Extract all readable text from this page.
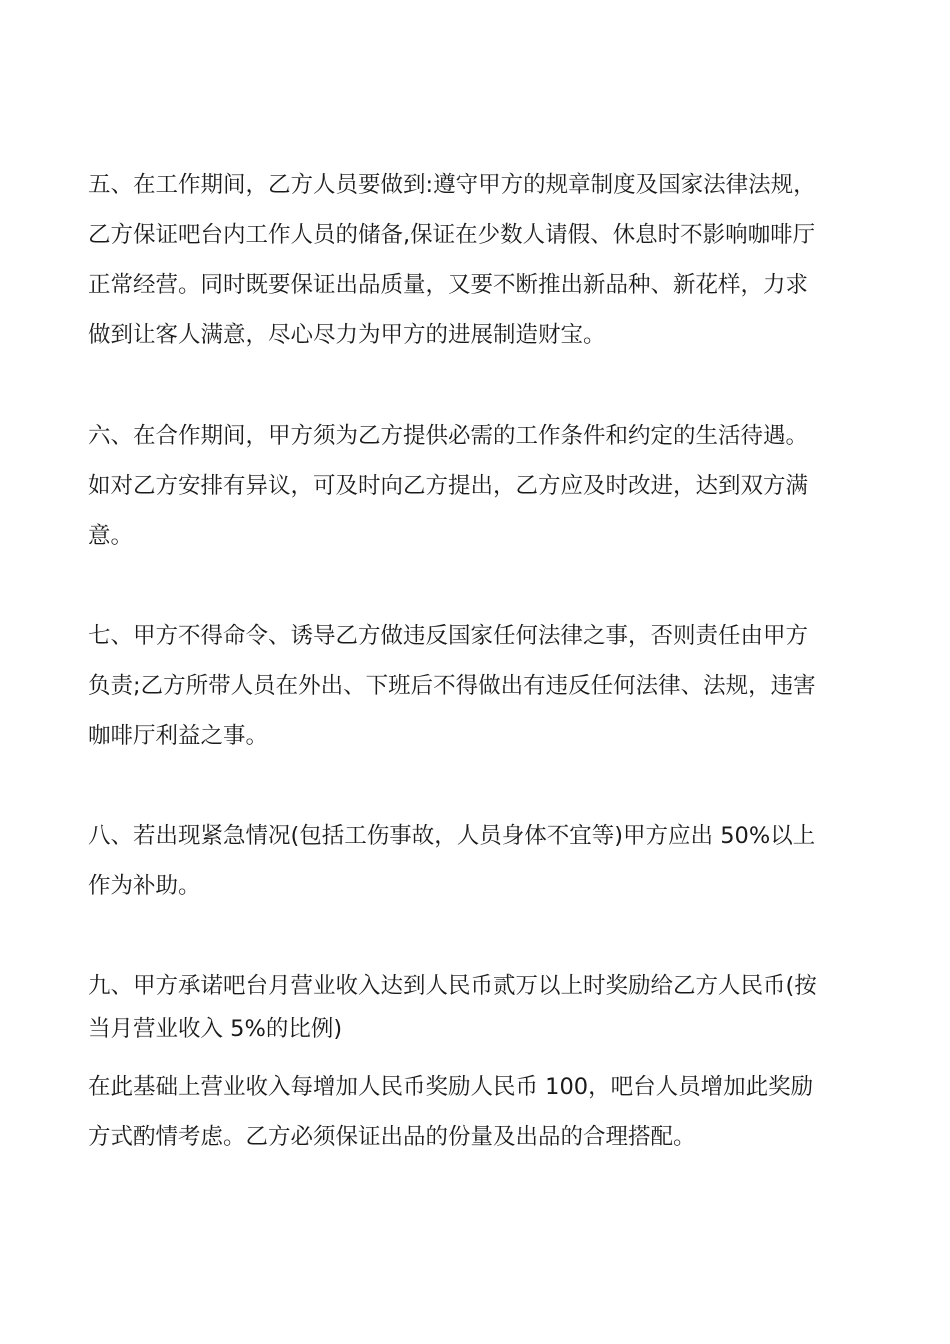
五、在工作期间，乙方人员要做到:遵守甲方的规章制度及国家法律法规，
乙方保证吧台内工作人员的储备,保证在少数人请假、休息时不影响咖啡厅
正常经营。同时既要保证出品质量，又要不断推出新品种、新花样，力求
做到让客人满意，尽心尽力为甲方的进展制造财宝。
六、在合作期间，甲方须为乙方提供必需的工作条件和约定的生活待遇。
如对乙方安排有异议，可及时向乙方提出，乙方应及时改进，达到双方满
意。
七、甲方不得命令、诱导乙方做违反国家任何法律之事，否则责任由甲方
负责;乙方所带人员在外出、下班后不得做出有违反任何法律、法规，违害
咖啡厅利益之事。
八、若出现紧急情况(包括工伤事故，人员身体不宜等)甲方应出 50%以上
作为补助。
九、甲方承诺吧台月营业收入达到人民币贰万以上时奖励给乙方人民币(按
当月营业收入 5%的比例)
在此基础上营业收入每增加人民币奖励人民币 100，吧台人员增加此奖励
方式酌情考虑。乙方必须保证出品的份量及出品的合理搭配。
